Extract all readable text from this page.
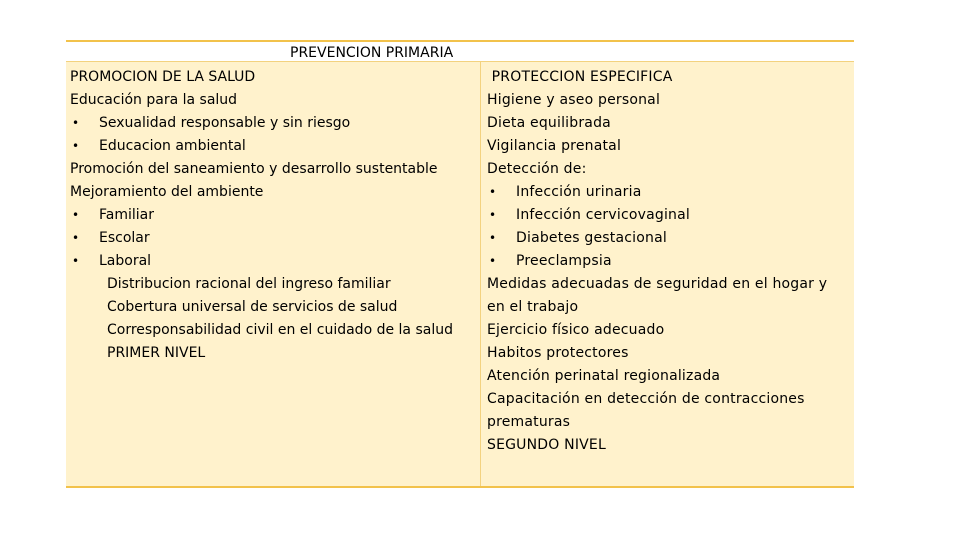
PREVENCION PRIMARIA
PROMOCION DE LA SALUD
Educación para la salud
• Sexualidad responsable y sin riesgo
• Educacion ambiental
Promoción del saneamiento y desarrollo sustentable
Mejoramiento del ambiente
• Familiar
• Escolar
• Laboral
Distribucion racional del ingreso familiar
Cobertura universal de servicios de salud
Corresponsabilidad civil en el cuidado de la salud
PRIMER NIVEL
PROTECCION ESPECIFICA
Higiene y aseo personal
Dieta equilibrada
Vigilancia prenatal
Detección de:
• Infección urinaria
• Infección cervicovaginal
• Diabetes gestacional
• Preeclampsia
Medidas adecuadas de seguridad en el hogar y en el trabajo
Ejercicio físico adecuado
Habitos protectores
Atención perinatal regionalizada
Capacitación en detección de contracciones prematuras
SEGUNDO NIVEL
